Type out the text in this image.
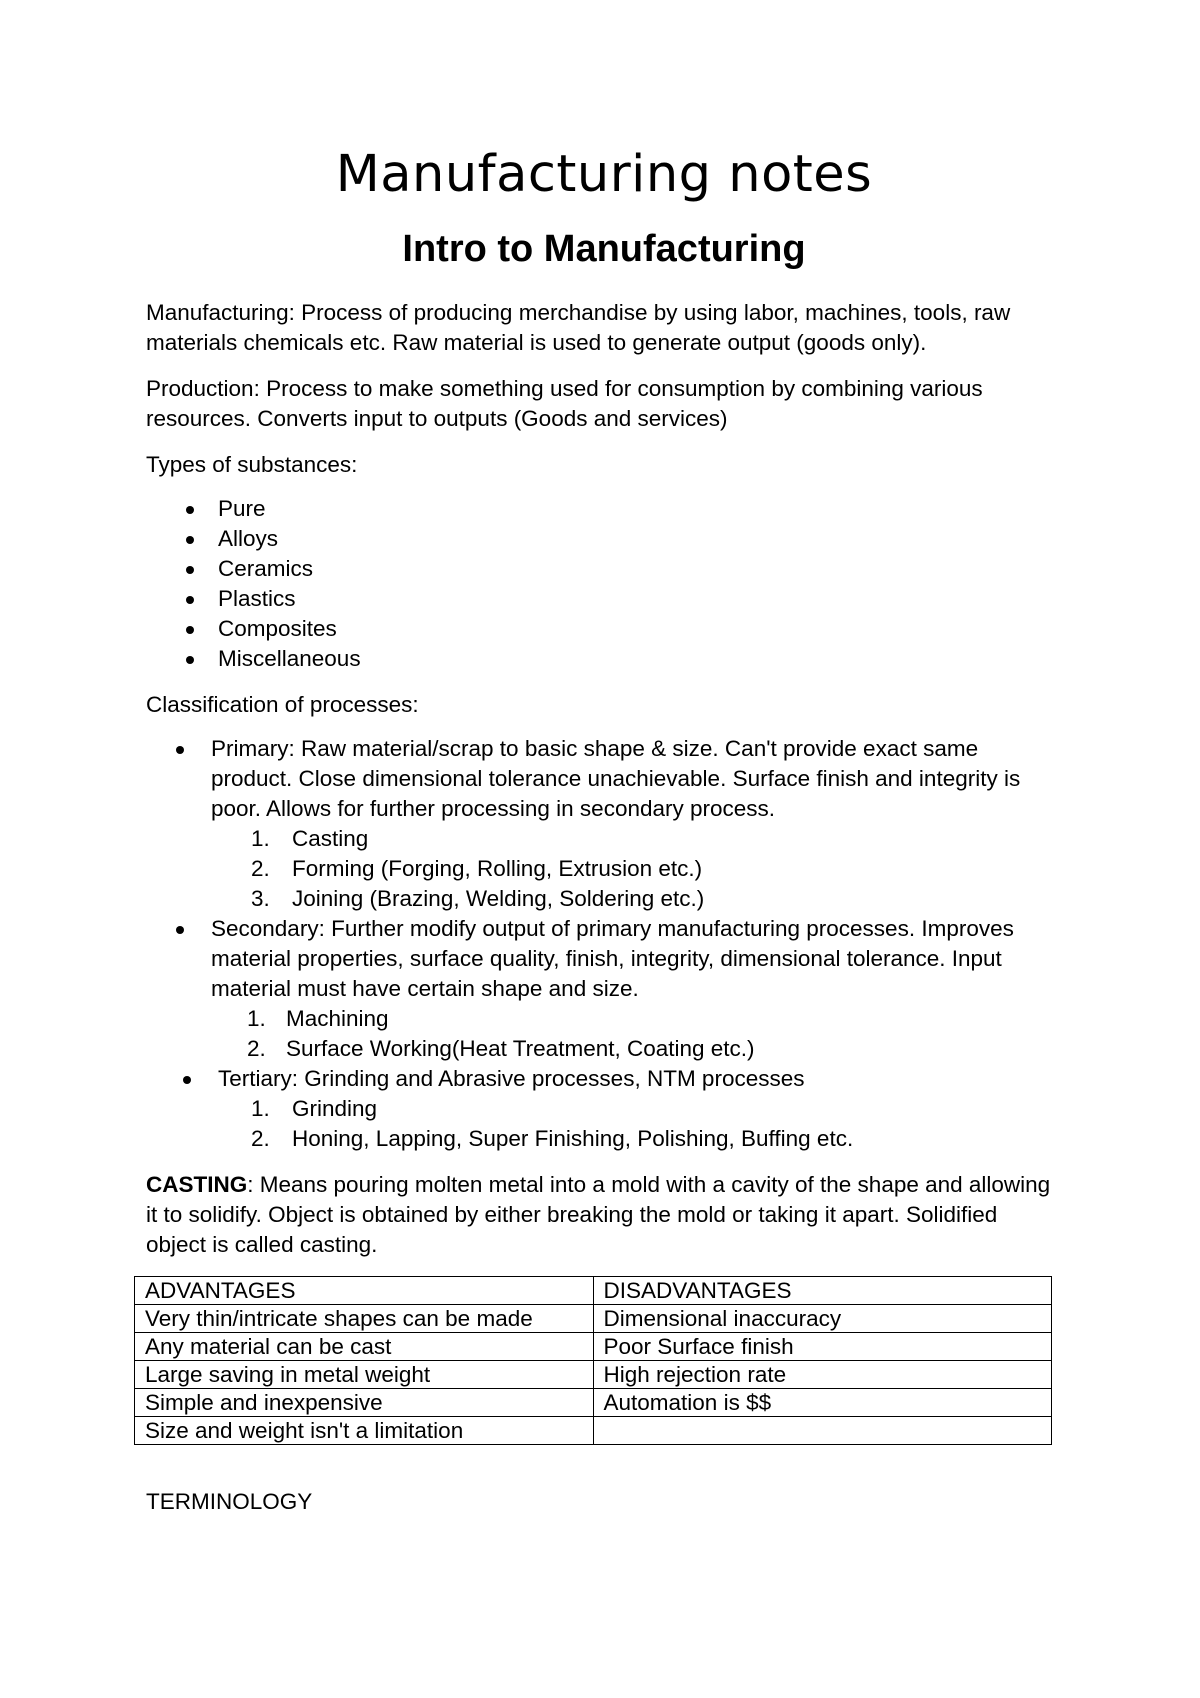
Manufacturing notes
Intro to Manufacturing

Manufacturing: Process of producing merchandise by using labor, machines, tools, raw materials chemicals etc. Raw material is used to generate output (goods only).

Production: Process to make something used for consumption by combining various resources. Converts input to outputs (Goods and services)

Types of substances:

Pure
Alloys
Ceramics
Plastics
Composites
Miscellaneous

Classification of processes:

Primary: Raw material/scrap to basic shape & size. Can't provide exact same product. Close dimensional tolerance unachievable. Surface finish and integrity is poor. Allows for further processing in secondary process.
1. Casting
2. Forming (Forging, Rolling, Extrusion etc.)
3. Joining (Brazing, Welding, Soldering etc.)
Secondary: Further modify output of primary manufacturing processes. Improves material properties, surface quality, finish, integrity, dimensional tolerance. Input material must have certain shape and size.
1. Machining
2. Surface Working(Heat Treatment, Coating etc.)
Tertiary: Grinding and Abrasive processes, NTM processes
1. Grinding
2. Honing, Lapping, Super Finishing, Polishing, Buffing etc.

CASTING: Means pouring molten metal into a mold with a cavity of the shape and allowing it to solidify. Object is obtained by either breaking the mold or taking it apart. Solidified object is called casting.

ADVANTAGES	DISADVANTAGES
Very thin/intricate shapes can be made	Dimensional inaccuracy
Any material can be cast	Poor Surface finish
Large saving in metal weight	High rejection rate
Simple and inexpensive	Automation is $$
Size and weight isn't a limitation	
TERMINOLOGY
